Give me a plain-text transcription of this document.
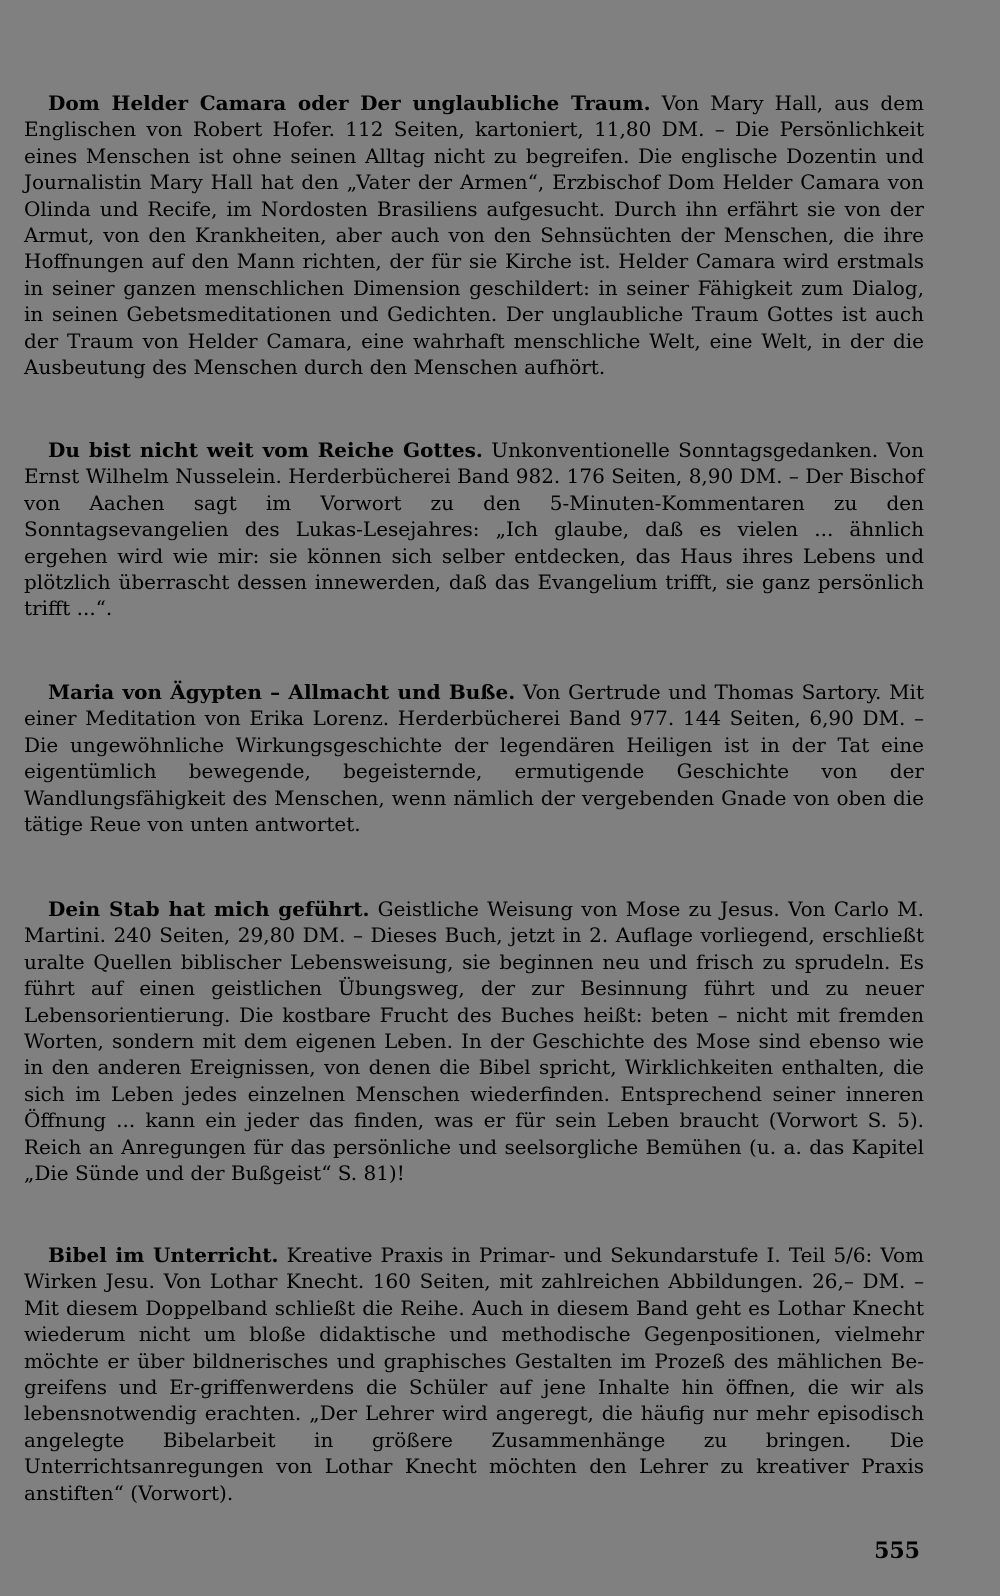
Dom Helder Camara oder Der unglaubliche Traum. Von Mary Hall, aus dem Englischen von Robert Hofer. 112 Seiten, kartoniert, 11,80 DM. – Die Persönlichkeit eines Menschen ist ohne seinen Alltag nicht zu begreifen. Die englische Dozentin und Journalistin Mary Hall hat den „Vater der Armen“, Erzbischof Dom Helder Camara von Olinda und Recife, im Nordosten Brasiliens aufgesucht. Durch ihn erfährt sie von der Armut, von den Krankheiten, aber auch von den Sehnsüchten der Menschen, die ihre Hoffnungen auf den Mann richten, der für sie Kirche ist. Helder Camara wird erstmals in seiner ganzen menschlichen Dimension geschildert: in seiner Fähigkeit zum Dialog, in seinen Gebetsmeditationen und Gedichten. Der unglaubliche Traum Gottes ist auch der Traum von Helder Camara, eine wahrhaft menschliche Welt, eine Welt, in der die Ausbeutung des Menschen durch den Menschen aufhört.

Du bist nicht weit vom Reiche Gottes. Unkonventionelle Sonntagsgedanken. Von Ernst Wilhelm Nusselein. Herderbücherei Band 982. 176 Seiten, 8,90 DM. – Der Bischof von Aachen sagt im Vorwort zu den 5-Minuten-Kommentaren zu den Sonntagsevangelien des Lukas-Lesejahres: „Ich glaube, daß es vielen ... ähnlich ergehen wird wie mir: sie können sich selber entdecken, das Haus ihres Lebens und plötzlich überrascht dessen innewerden, daß das Evangelium trifft, sie ganz persönlich trifft ...“.

Maria von Ägypten – Allmacht und Buße. Von Gertrude und Thomas Sartory. Mit einer Meditation von Erika Lorenz. Herderbücherei Band 977. 144 Seiten, 6,90 DM. – Die ungewöhnliche Wirkungsgeschichte der legendären Heiligen ist in der Tat eine eigentümlich bewegende, begeisternde, ermutigende Geschichte von der Wandlungsfähigkeit des Menschen, wenn nämlich der vergebenden Gnade von oben die tätige Reue von unten antwortet.

Dein Stab hat mich geführt. Geistliche Weisung von Mose zu Jesus. Von Carlo M. Martini. 240 Seiten, 29,80 DM. – Dieses Buch, jetzt in 2. Auflage vorliegend, erschließt uralte Quellen biblischer Lebensweisung, sie beginnen neu und frisch zu sprudeln. Es führt auf einen geistlichen Übungsweg, der zur Besinnung führt und zu neuer Lebensorientierung. Die kostbare Frucht des Buches heißt: beten – nicht mit fremden Worten, sondern mit dem eigenen Leben. In der Geschichte des Mose sind ebenso wie in den anderen Ereignissen, von denen die Bibel spricht, Wirklichkeiten enthalten, die sich im Leben jedes einzelnen Menschen wiederfinden. Entsprechend seiner inneren Öffnung ... kann ein jeder das finden, was er für sein Leben braucht (Vorwort S. 5). Reich an Anregungen für das persönliche und seelsorgliche Bemühen (u. a. das Kapitel „Die Sünde und der Bußgeist“ S. 81)!

Bibel im Unterricht. Kreative Praxis in Primar- und Sekundarstufe I. Teil 5/6: Vom Wirken Jesu. Von Lothar Knecht. 160 Seiten, mit zahlreichen Abbildungen. 26,– DM. – Mit diesem Doppelband schließt die Reihe. Auch in diesem Band geht es Lothar Knecht wiederum nicht um bloße didaktische und methodische Gegenpositionen, vielmehr möchte er über bildnerisches und graphisches Gestalten im Prozeß des mählichen Be-greifens und Er-griffenwerdens die Schüler auf jene Inhalte hin öffnen, die wir als lebensnotwendig erachten. „Der Lehrer wird angeregt, die häufig nur mehr episodisch angelegte Bibelarbeit in größere Zusammenhänge zu bringen. Die Unterrichtsanregungen von Lothar Knecht möchten den Lehrer zu kreativer Praxis anstiften“ (Vorwort).

555
